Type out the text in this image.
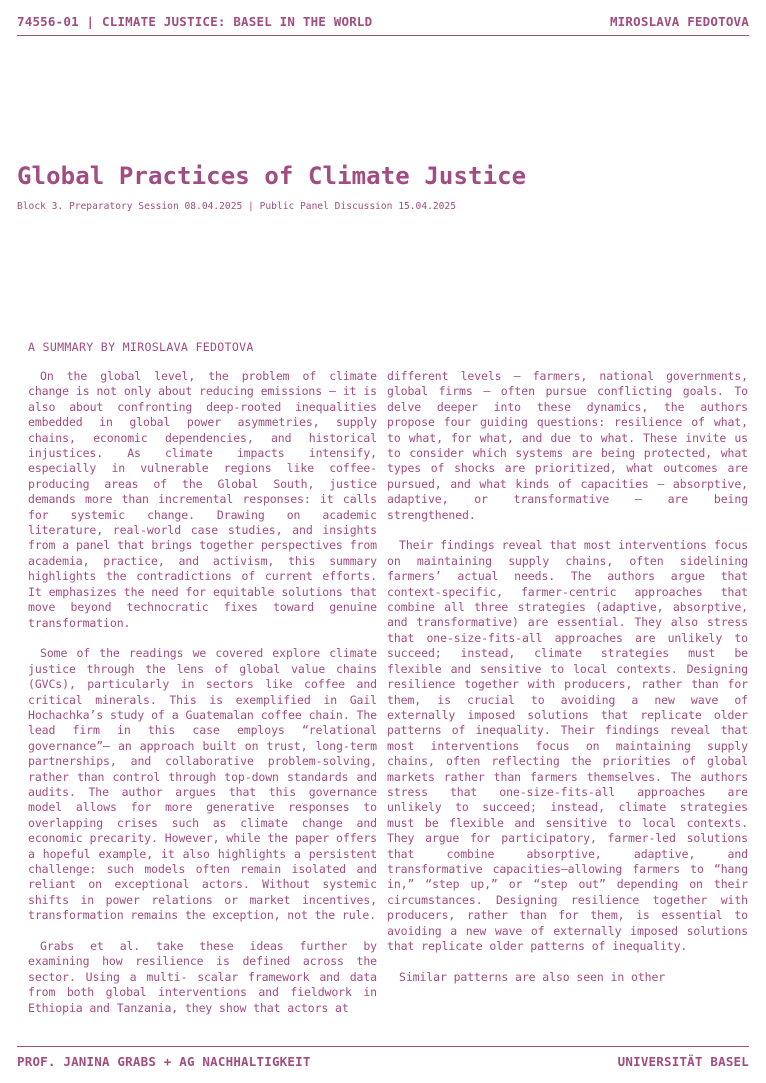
74556-01 | CLIMATE JUSTICE: BASEL IN THE WORLD	MIROSLAVA FEDOTOVA
Global Practices of Climate Justice
Block 3. Preparatory Session 08.04.2025 | Public Panel Discussion 15.04.2025
A SUMMARY BY MIROSLAVA FEDOTOVA

On the global level, the problem of climate change is not only about reducing emissions — it is also about confronting deep-rooted inequalities embedded in global power asymmetries, supply chains, economic dependencies, and historical injustices. As climate impacts intensify, especially in vulnerable regions like coffee-producing areas of the Global South, justice demands more than incremental responses: it calls for systemic change. Drawing on academic literature, real-world case studies, and insights from a panel that brings together perspectives from academia, practice, and activism, this summary highlights the contradictions of current efforts. It emphasizes the need for equitable solutions that move beyond technocratic fixes toward genuine transformation.

Some of the readings we covered explore climate justice through the lens of global value chains (GVCs), particularly in sectors like coffee and critical minerals. This is exemplified in Gail Hochachka’s study of a Guatemalan coffee chain. The lead firm in this case employs “relational governance”— an approach built on trust, long-term partnerships, and collaborative problem-solving, rather than control through top-down standards and audits. The author argues that this governance model allows for more generative responses to overlapping crises such as climate change and economic precarity. However, while the paper offers a hopeful example, it also highlights a persistent challenge: such models often remain isolated and reliant on exceptional actors. Without systemic shifts in power relations or market incentives, transformation remains the exception, not the rule.

Grabs et al. take these ideas further by examining how resilience is defined across the sector. Using a multi- scalar framework and data from both global interventions and fieldwork in Ethiopia and Tanzania, they show that actors at

different levels — farmers, national governments, global firms — often pursue conflicting goals. To delve deeper into these dynamics, the authors propose four guiding questions: resilience of what, to what, for what, and due to what. These invite us to consider which systems are being protected, what types of shocks are prioritized, what outcomes are pursued, and what kinds of capacities — absorptive, adaptive, or transformative — are being strengthened.

Their findings reveal that most interventions focus on maintaining supply chains, often sidelining farmers’ actual needs. The authors argue that context-specific, farmer-centric approaches that combine all three strategies (adaptive, absorptive, and transformative) are essential. They also stress that one-size-fits-all approaches are unlikely to succeed; instead, climate strategies must be flexible and sensitive to local contexts. Designing resilience together with producers, rather than for them, is crucial to avoiding a new wave of externally imposed solutions that replicate older patterns of inequality. Their findings reveal that most interventions focus on maintaining supply chains, often reflecting the priorities of global markets rather than farmers themselves. The authors stress that one-size-fits-all approaches are unlikely to succeed; instead, climate strategies must be flexible and sensitive to local contexts. They argue for participatory, farmer-led solutions that combine absorptive, adaptive, and transformative capacities—allowing farmers to “hang in,” “step up,” or “step out” depending on their circumstances. Designing resilience together with producers, rather than for them, is essential to avoiding a new wave of externally imposed solutions that replicate older patterns of inequality.

Similar patterns are also seen in other

PROF. JANINA GRABS + AG NACHHALTIGKEIT	UNIVERSITÄT BASEL
